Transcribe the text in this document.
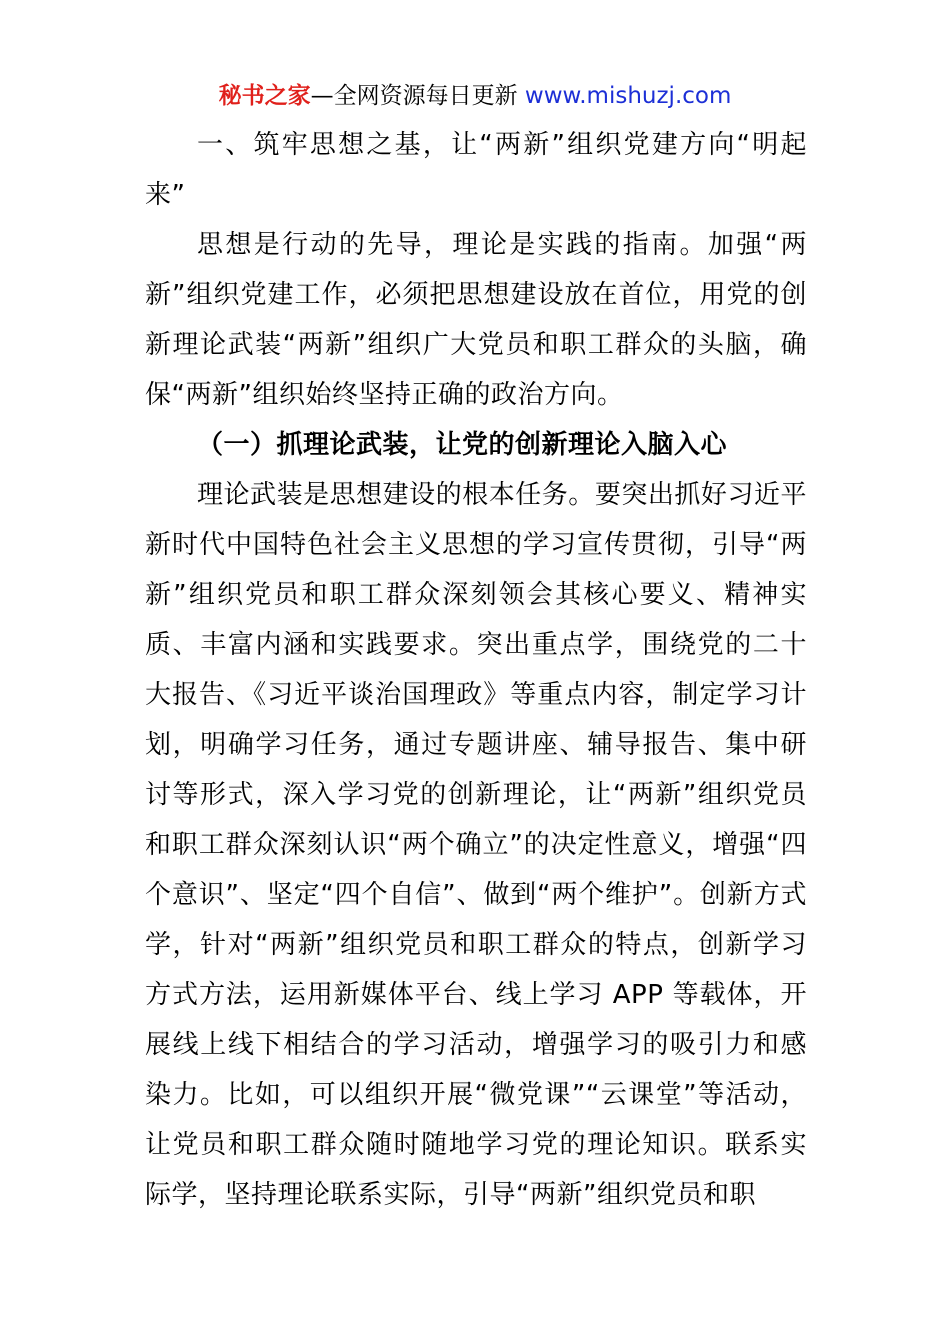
秘书之家—全网资源每日更新 www.mishuzj.com

一、筑牢思想之基，让“两新”组织党建方向“明起来”

思想是行动的先导，理论是实践的指南。加强“两新”组织党建工作，必须把思想建设放在首位，用党的创新理论武装“两新”组织广大党员和职工群众的头脑，确保“两新”组织始终坚持正确的政治方向。

（一）抓理论武装，让党的创新理论入脑入心

理论武装是思想建设的根本任务。要突出抓好习近平新时代中国特色社会主义思想的学习宣传贯彻，引导“两新”组织党员和职工群众深刻领会其核心要义、精神实质、丰富内涵和实践要求。突出重点学，围绕党的二十大报告、《习近平谈治国理政》等重点内容，制定学习计划，明确学习任务，通过专题讲座、辅导报告、集中研讨等形式，深入学习党的创新理论，让“两新”组织党员和职工群众深刻认识“两个确立”的决定性意义，增强“四个意识”、坚定“四个自信”、做到“两个维护”。创新方式学，针对“两新”组织党员和职工群众的特点，创新学习方式方法，运用新媒体平台、线上学习 APP 等载体，开展线上线下相结合的学习活动，增强学习的吸引力和感染力。比如，可以组织开展“微党课”“云课堂”等活动，让党员和职工群众随时随地学习党的理论知识。联系实际学，坚持理论联系实际，引导“两新”组织党员和职
